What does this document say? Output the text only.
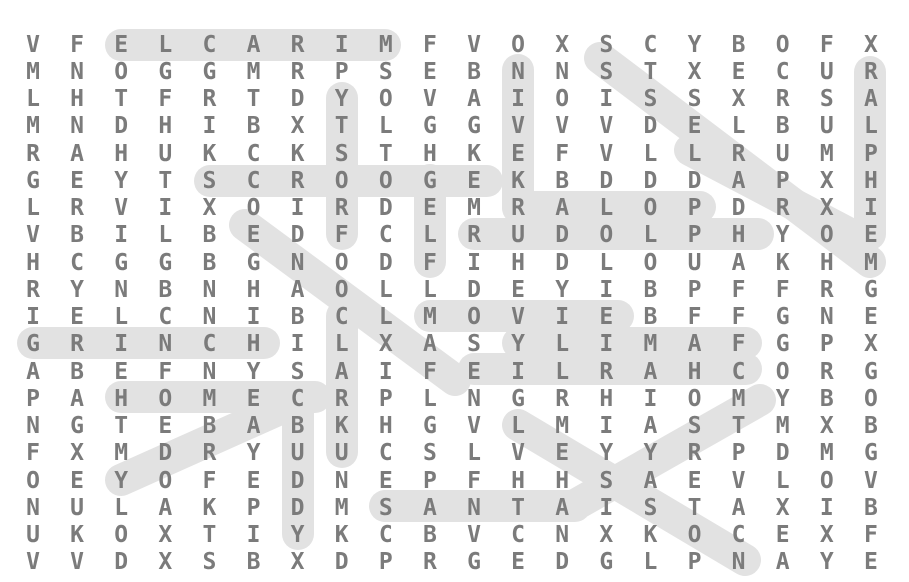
V	F	E	L	C	A	R	I	M	F	V	O	X	S	C	Y	B	O	F	X
M	N	O	G	G	M	R	P	S	E	B	N	N	S	T	X	E	C	U	R
L	H	T	F	R	T	D	Y	O	V	A	I	O	I	S	S	X	R	S	A
M	N	D	H	I	B	X	T	L	G	G	V	V	V	D	E	L	B	U	L
R	A	H	U	K	C	K	S	T	H	K	E	F	V	L	L	R	U	M	P
G	E	Y	T	S	C	R	O	O	G	E	K	B	D	D	D	A	P	X	H
L	R	V	I	X	O	I	R	D	E	M	R	A	L	O	P	D	R	X	I
V	B	I	L	B	E	D	F	C	L	R	U	D	O	L	P	H	Y	O	E
H	C	G	G	B	G	N	O	D	F	I	H	D	L	O	U	A	K	H	M
R	Y	N	B	N	H	A	O	L	L	D	E	Y	I	B	P	F	F	R	G
I	E	L	C	N	I	B	C	L	M	O	V	I	E	B	F	F	G	N	E
G	R	I	N	C	H	I	L	X	A	S	Y	L	I	M	A	F	G	P	X
A	B	E	F	N	Y	S	A	I	F	E	I	L	R	A	H	C	O	R	G
P	A	H	O	M	E	C	R	P	L	N	G	R	H	I	O	M	Y	B	O
N	G	T	E	B	A	B	K	H	G	V	L	M	I	A	S	T	M	X	B
F	X	M	D	R	Y	U	U	C	S	L	V	E	Y	Y	R	P	D	M	G
O	E	Y	O	F	E	D	N	E	P	F	H	H	S	A	E	V	L	O	V
N	U	L	A	K	P	D	M	S	A	N	T	A	I	S	T	A	X	I	B
U	K	O	X	T	I	Y	K	C	B	V	C	N	X	K	O	C	E	X	F
V	V	D	X	S	B	X	D	P	R	G	E	D	G	L	P	N	A	Y	E
